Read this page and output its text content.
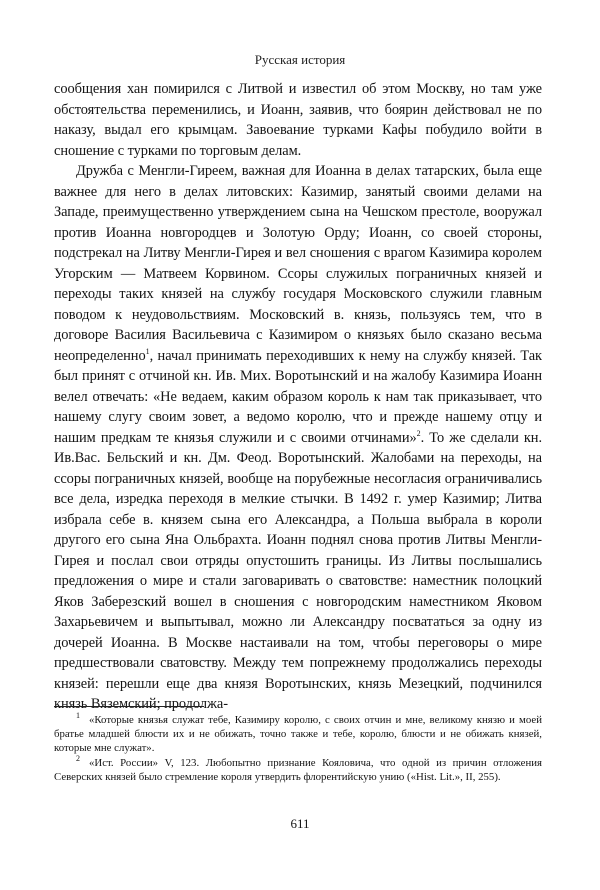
Русская история

сообщения хан помирился с Литвой и известил об этом Москву, но там уже обстоятельства переменились, и Иоанн, заявив, что боярин действовал не по наказу, выдал его крымцам. Завоевание турками Кафы побудило войти в сношение с турками по торговым делам.

Дружба с Менгли-Гиреем, важная для Иоанна в делах татарских, была еще важнее для него в делах литовских: Казимир, занятый своими делами на Западе, преимущественно утверждением сына на Чешском престоле, вооружал против Иоанна новгородцев и Золотую Орду; Иоанн, со своей стороны, подстрекал на Литву Менгли-Гирея и вел сношения с врагом Казимира королем Угорским — Матвеем Корвином. Ссоры служилых пограничных князей и переходы таких князей на службу государя Московского служили главным поводом к неудовольствиям. Московский в. князь, пользуясь тем, что в договоре Василия Васильевича с Казимиром о князьях было сказано весьма неопределенно$^1$, начал принимать переходивших к нему на службу князей. Так был принят с отчиной кн. Ив. Мих. Воротынский и на жалобу Казимира Иоанн велел отвечать: «Не ведаем, каким образом король к нам так приказывает, что нашему слугу своим зовет, а ведомо королю, что и прежде нашему отцу и нашим предкам те князья служили и с своими отчинами»$^2$. То же сделали кн. Ив.Вас. Бельский и кн. Дм. Феод. Воротынский. Жалобами на переходы, на ссоры пограничных князей, вообще на порубежные несогласия ограничивались все дела, изредка переходя в мелкие стычки. В 1492 г. умер Казимир; Литва избрала себе в. князем сына его Александра, а Польша выбрала в короли другого его сына Яна Ольбрахта. Иоанн поднял снова против Литвы Менгли-Гирея и послал свои отряды опустошить границы. Из Литвы послышались предложения о мире и стали заговаривать о сватовстве: наместник полоцкий Яков Заберезский вошел в сношения с новгородским наместником Яковом Захарьевичем и выпытывал, можно ли Александру посвататься за одну из дочерей Иоанна. В Москве настаивали на том, чтобы переговоры о мире предшествовали сватовству. Между тем попрежнему продолжались переходы князей: перешли еще два князя Воротынских, князь Мезецкий, подчинился князь Вяземский; продолжа-

$^1$ «Которые князья служат тебе, Казимиру королю, с своих отчин и мне, великому князю и моей братье младшей блюсти их и не обижать, точно также и тебе, королю, блюсти и не обижать князей, которые мне служат».

$^2$ «Ист. России» V, 123. Любопытно признание Кояловича, что одной из причин отложения Северских князей было стремление короля утвердить флорентийскую унию («Hist. Lit.», II, 255).

611
